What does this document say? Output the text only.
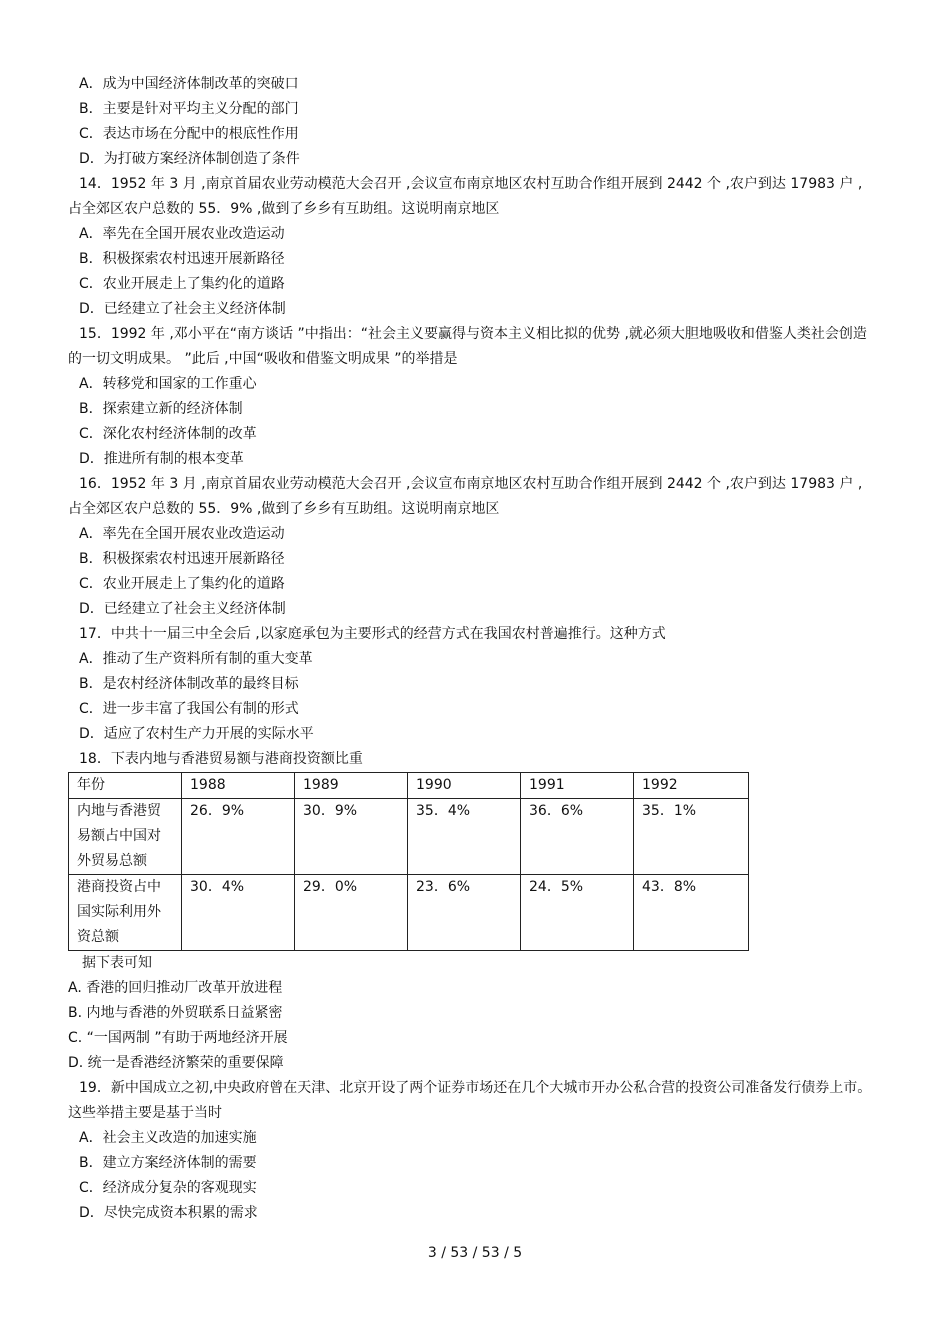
A．成为中国经济体制改革的突破口
B．主要是针对平均主义分配的部门
C．表达市场在分配中的根底性作用
D．为打破方案经济体制创造了条件
14．1952 年 3 月 ,南京首届农业劳动模范大会召开 ,会议宣布南京地区农村互助合作组开展到 2442 个 ,农户到达 17983 户 ,
占全郊区农户总数的 55．9% ,做到了乡乡有互助组。这说明南京地区
A．率先在全国开展农业改造运动
B．积极探索农村迅速开展新路径
C．农业开展走上了集约化的道路
D．已经建立了社会主义经济体制
15．1992 年 ,邓小平在“南方谈话 ”中指出：“社会主义要赢得与资本主义相比拟的优势 ,就必须大胆地吸收和借鉴人类社会创造
的一切文明成果。 ”此后 ,中国“吸收和借鉴文明成果 ”的举措是
A．转移党和国家的工作重心
B．探索建立新的经济体制
C．深化农村经济体制的改革
D．推进所有制的根本变革
16．1952 年 3 月 ,南京首届农业劳动模范大会召开 ,会议宣布南京地区农村互助合作组开展到 2442 个 ,农户到达 17983 户 ,
占全郊区农户总数的 55．9% ,做到了乡乡有互助组。这说明南京地区
A．率先在全国开展农业改造运动
B．积极探索农村迅速开展新路径
C．农业开展走上了集约化的道路
D．已经建立了社会主义经济体制
17．中共十一届三中全会后 ,以家庭承包为主要形式的经营方式在我国农村普遍推行。这种方式
A．推动了生产资料所有制的重大变革
B．是农村经济体制改革的最终目标
C．进一步丰富了我国公有制的形式
D．适应了农村生产力开展的实际水平
18．下表内地与香港贸易额与港商投资额比重
年份	1988	1989	1990	1991	1992

内地与香港贸
易额占中国对
外贸易总额	26．9%	30．9%	35．4%	36．6%	35．1%

港商投资占中
国实际利用外
资总额	30．4%	29．0%	23．6%	24．5%	43．8%
据下表可知
A. 香港的回归推动厂改革开放进程
B. 内地与香港的外贸联系日益紧密
C. “一国两制 ”有助于两地经济开展
D. 统一是香港经济繁荣的重要保障
19．新中国成立之初,中央政府曾在天津、北京开设了两个证券市场还在几个大城市开办公私合营的投资公司准备发行债券上市。
这些举措主要是基于当时
A．社会主义改造的加速实施
B．建立方案经济体制的需要
C．经济成分复杂的客观现实
D．尽快完成资本积累的需求
3 / 53 / 53 / 5
